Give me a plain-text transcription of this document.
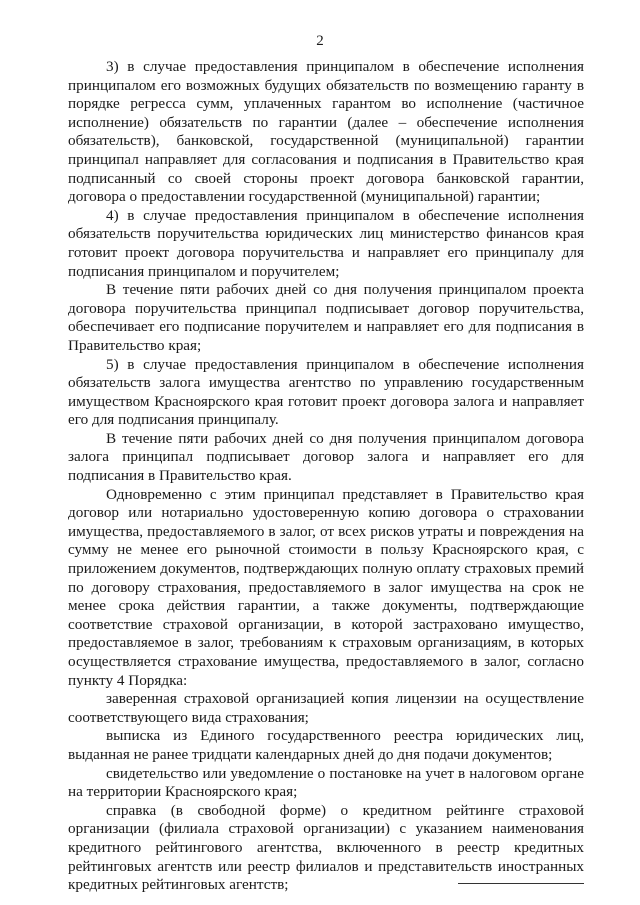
2

3) в случае предоставления принципалом в обеспечение исполнения принципалом его возможных будущих обязательств по возмещению гаранту в порядке регресса сумм, уплаченных гарантом во исполнение (частичное исполнение) обязательств по гарантии (далее – обеспечение исполнения обязательств), банковской, государственной (муниципальной) гарантии принципал направляет для согласования и подписания в Правительство края подписанный со своей стороны проект договора банковской гарантии, договора о предоставлении государственной (муниципальной) гарантии;

4) в случае предоставления принципалом в обеспечение исполнения обязательств поручительства юридических лиц министерство финансов края готовит проект договора поручительства и направляет его принципалу для подписания принципалом и поручителем;

В течение пяти рабочих дней со дня получения принципалом проекта договора поручительства принципал подписывает договор поручительства, обеспечивает его подписание поручителем и направляет его для подписания в Правительство края;

5) в случае предоставления принципалом в обеспечение исполнения обязательств залога имущества агентство по управлению государственным имуществом Красноярского края готовит проект договора залога и направляет его для подписания принципалу.

В течение пяти рабочих дней со дня получения принципалом договора залога принципал подписывает договор залога и направляет его для подписания в Правительство края.

Одновременно с этим принципал представляет в Правительство края договор или нотариально удостоверенную копию договора о страховании имущества, предоставляемого в залог, от всех рисков утраты и повреждения на сумму не менее его рыночной стоимости в пользу Красноярского края, с приложением документов, подтверждающих полную оплату страховых премий по договору страхования, предоставляемого в залог имущества на срок не менее срока действия гарантии, а также документы, подтверждающие соответствие страховой организации, в которой застраховано имущество, предоставляемое в залог, требованиям к страховым организациям, в которых осуществляется страхование имущества, предоставляемого в залог, согласно пункту 4 Порядка:

заверенная страховой организацией копия лицензии на осуществление соответствующего вида страхования;

выписка из Единого государственного реестра юридических лиц, выданная не ранее тридцати календарных дней до дня подачи документов;

свидетельство или уведомление о постановке на учет в налоговом органе на территории Красноярского края;

справка (в свободной форме) о кредитном рейтинге страховой организации (филиала страховой организации) с указанием наименования кредитного рейтингового агентства, включенного в реестр кредитных рейтинговых агентств или реестр филиалов и представительств иностранных кредитных рейтинговых агентств;
